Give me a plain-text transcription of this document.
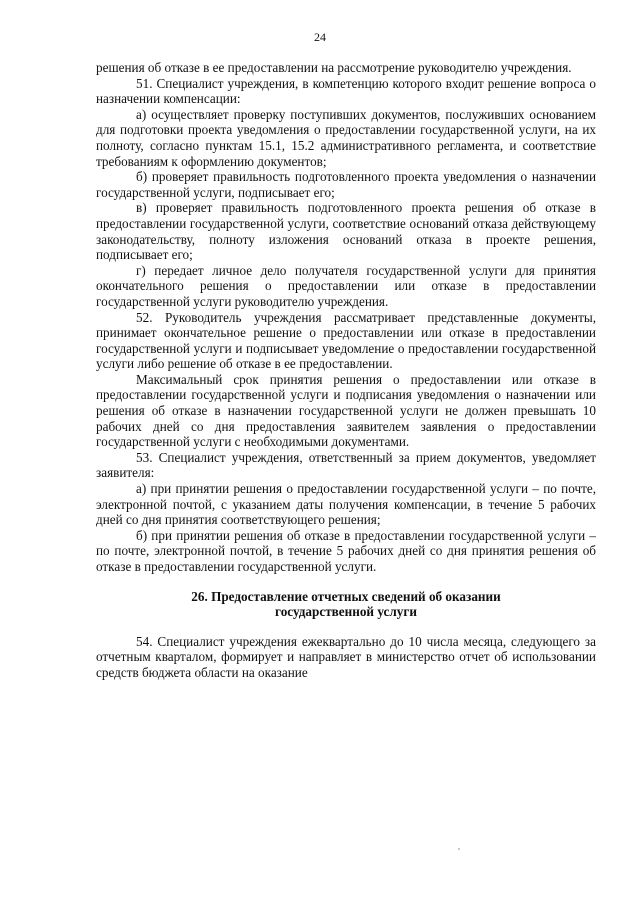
24

решения об отказе в ее предоставлении на рассмотрение руководителю учреждения.

51. Специалист учреждения, в компетенцию которого входит решение вопроса о назначении компенсации:

а) осуществляет проверку поступивших документов, послуживших основанием для подготовки проекта уведомления о предоставлении государственной услуги, на их полноту, согласно пунктам 15.1, 15.2 административного регламента, и соответствие требованиям к оформлению документов;

б) проверяет правильность подготовленного проекта уведомления о назначении государственной услуги, подписывает его;

в) проверяет правильность подготовленного проекта решения об отказе в предоставлении государственной услуги, соответствие оснований отказа действующему законодательству, полноту изложения оснований отказа в проекте решения, подписывает его;

г) передает личное дело получателя государственной услуги для принятия окончательного решения о предоставлении или отказе в предоставлении государственной услуги руководителю учреждения.

52. Руководитель учреждения рассматривает представленные документы, принимает окончательное решение о предоставлении или отказе в предоставлении государственной услуги и подписывает уведомление о предоставлении государственной услуги либо решение об отказе в ее предоставлении.

Максимальный срок принятия решения о предоставлении или отказе в предоставлении государственной услуги и подписания уведомления о назначении или решения об отказе в назначении государственной услуги не должен превышать 10 рабочих дней со дня предоставления заявителем заявления о предоставлении государственной услуги с необходимыми документами.

53. Специалист учреждения, ответственный за прием документов, уведомляет заявителя:

а) при принятии решения о предоставлении государственной услуги – по почте, электронной почтой, с указанием даты получения компенсации, в течение 5 рабочих дней со дня принятия соответствующего решения;

б) при принятии решения об отказе в предоставлении государственной услуги – по почте, электронной почтой, в течение 5 рабочих дней со дня принятия решения об отказе в предоставлении государственной услуги.

26. Предоставление отчетных сведений об оказании
государственной услуги

54. Специалист учреждения ежеквартально до 10 числа месяца, следующего за отчетным кварталом, формирует и направляет в министерство отчет об использовании средств бюджета области на оказание
